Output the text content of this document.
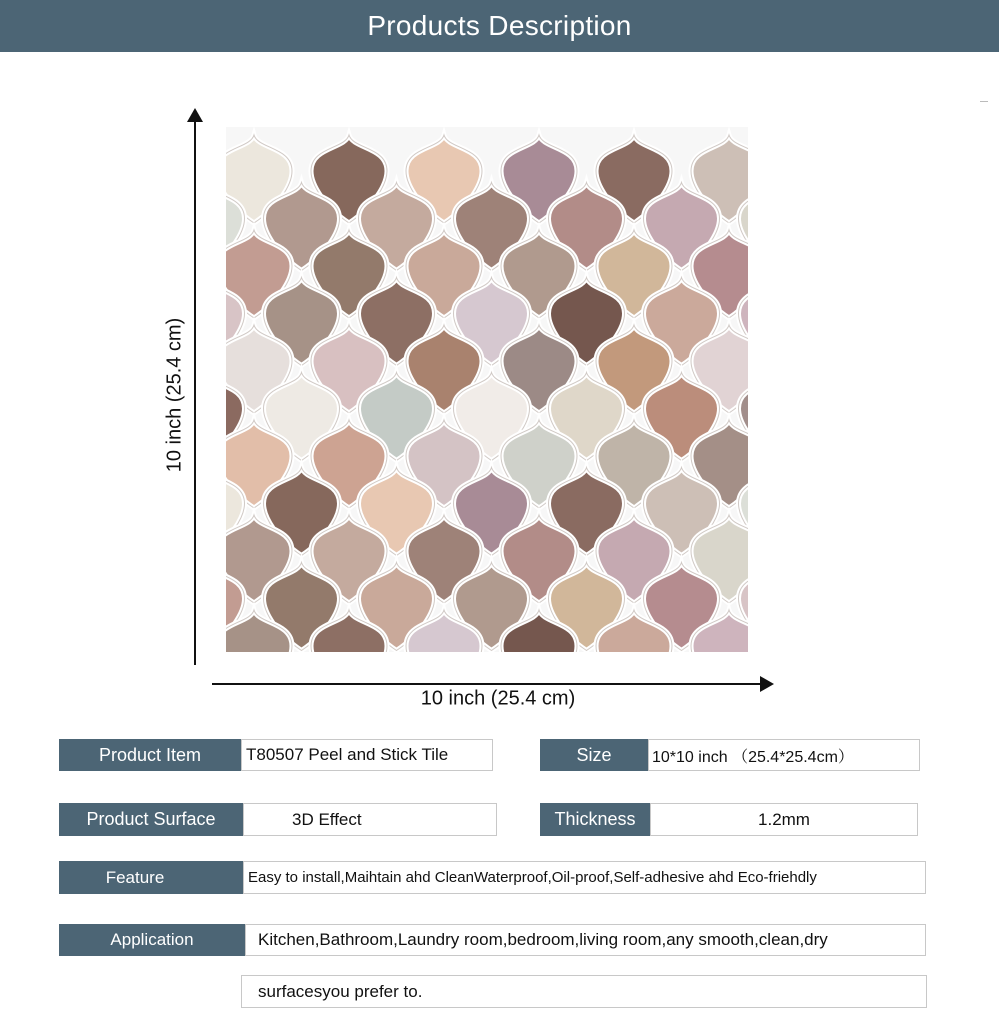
Products Description
10 inch (25.4 cm)
10 inch (25.4 cm)
Product Item	T80507 Peel and Stick Tile	Size	10*10 inch （25.4*25.4cm）
Product Surface	3D Effect	Thickness	1.2mm
Feature	Easy to install,Maihtain ahd CleanWaterproof,Oil-proof,Self-adhesive ahd Eco-friehdly
Application	Kitchen,Bathroom,Laundry room,bedroom,living room,any smooth,clean,dry
surfacesyou prefer to.
